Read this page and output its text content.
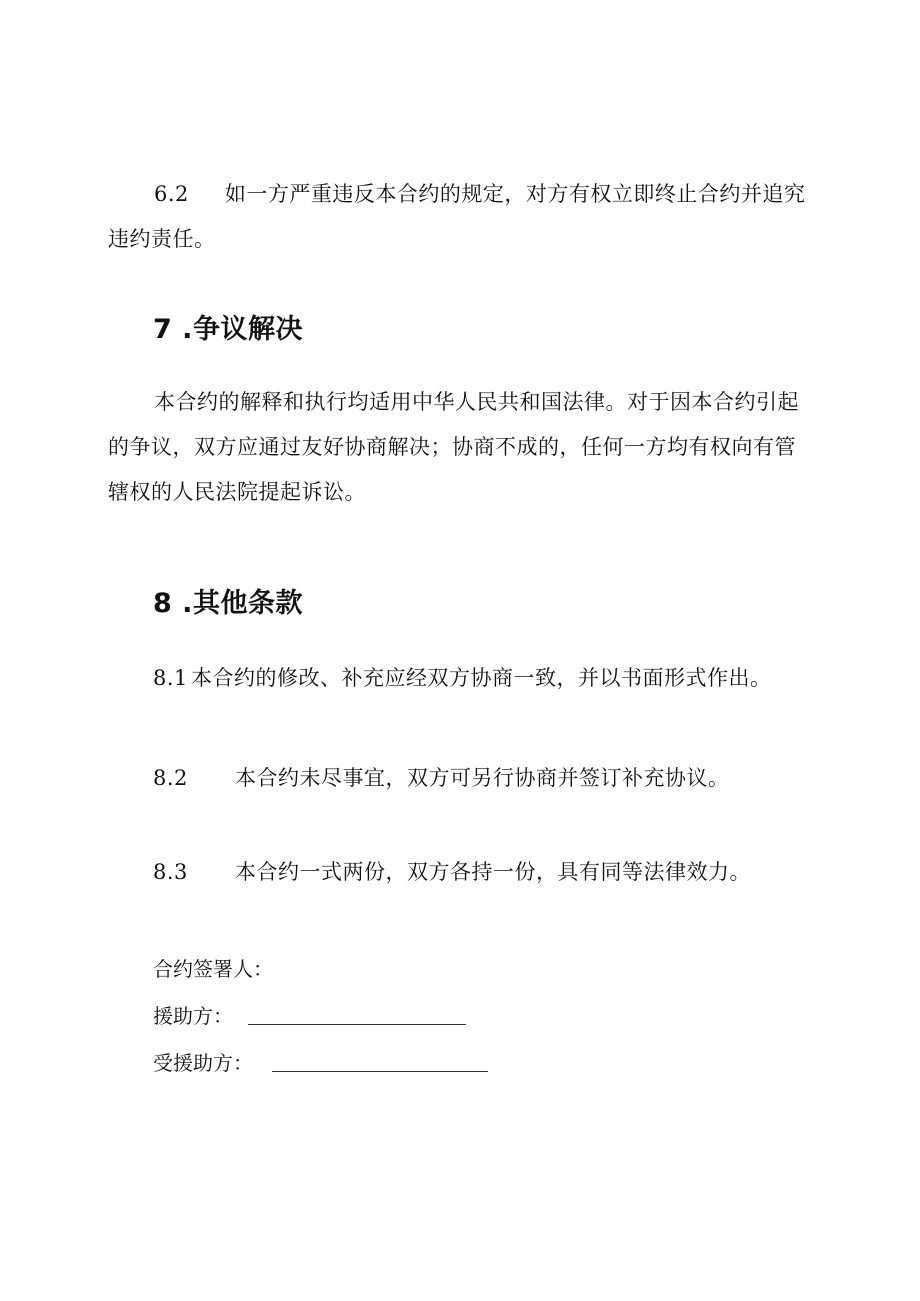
6.2 如一方严重违反本合约的规定，对方有权立即终止合约并追究违约责任。

7 .争议解决

本合约的解释和执行均适用中华人民共和国法律。对于因本合约引起的争议，双方应通过友好协商解决；协商不成的，任何一方均有权向有管辖权的人民法院提起诉讼。

8 .其他条款

8.1 本合约的修改、补充应经双方协商一致，并以书面形式作出。

8.2 本合约未尽事宜，双方可另行协商并签订补充协议。

8.3 本合约一式两份，双方各持一份，具有同等法律效力。

合约签署人：

援助方：

受援助方：
